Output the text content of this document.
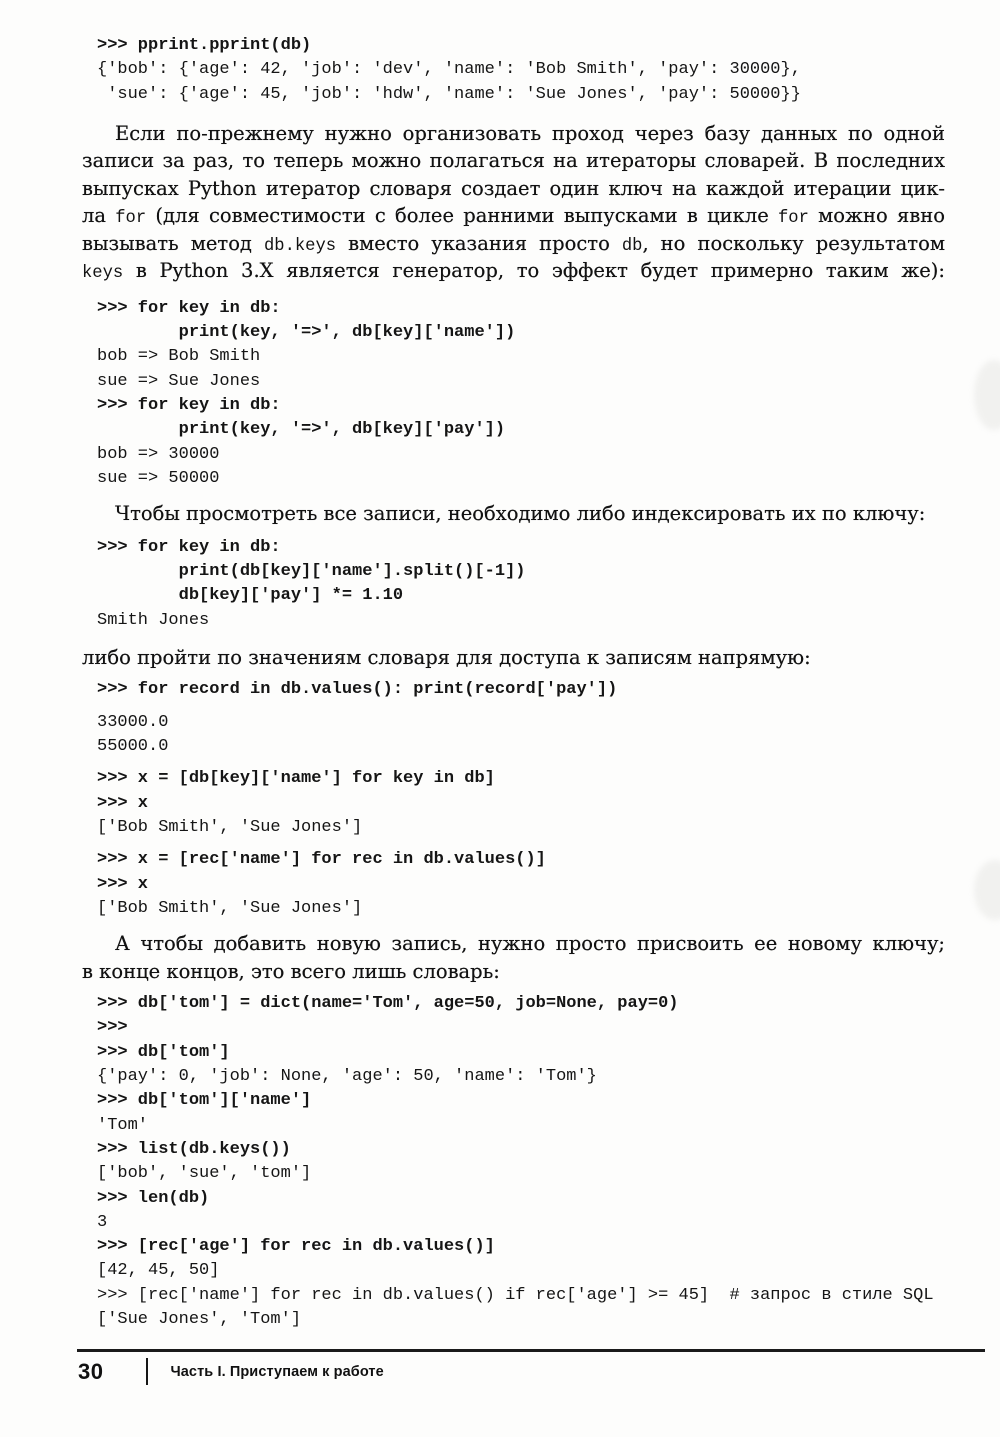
>>> pprint.pprint(db)
{'bob': {'age': 42, 'job': 'dev', 'name': 'Bob Smith', 'pay': 30000},
'sue': {'age': 45, 'job': 'hdw', 'name': 'Sue Jones', 'pay': 50000}}
Если по-прежнему нужно организовать проход через базу данных по одной
записи за раз, то теперь можно полагаться на итераторы словарей. В последних
выпусках Python итератор словаря создает один ключ на каждой итерации цик-
ла for (для совместимости с более ранними выпусками в цикле for можно явно
вызывать метод db.keys вместо указания просто db, но поскольку результатом
keys в Python 3.X является генератор, то эффект будет примерно таким же):
>>> for key in db:
print(key, '=>', db[key]['name'])
bob => Bob Smith
sue => Sue Jones
>>> for key in db:
print(key, '=>', db[key]['pay'])
bob => 30000
sue => 50000
Чтобы просмотреть все записи, необходимо либо индексировать их по ключу:
>>> for key in db:
print(db[key]['name'].split()[-1])
db[key]['pay'] *= 1.10
Smith Jones
либо пройти по значениям словаря для доступа к записям напрямую:
>>> for record in db.values(): print(record['pay'])
33000.0
55000.0
>>> x = [db[key]['name'] for key in db]
>>> x
['Bob Smith', 'Sue Jones']
>>> x = [rec['name'] for rec in db.values()]
>>> x
['Bob Smith', 'Sue Jones']
А чтобы добавить новую запись, нужно просто присвоить ее новому ключу;
в конце концов, это всего лишь словарь:
>>> db['tom'] = dict(name='Tom', age=50, job=None, pay=0)
>>>
>>> db['tom']
{'pay': 0, 'job': None, 'age': 50, 'name': 'Tom'}
>>> db['tom']['name']
'Tom'
>>> list(db.keys())
['bob', 'sue', 'tom']
>>> len(db)
3
>>> [rec['age'] for rec in db.values()]
[42, 45, 50]
>>> [rec['name'] for rec in db.values() if rec['age'] >= 45]  # запрос в стиле SQL
['Sue Jones', 'Tom']
30	Часть I. Приступаем к работе
